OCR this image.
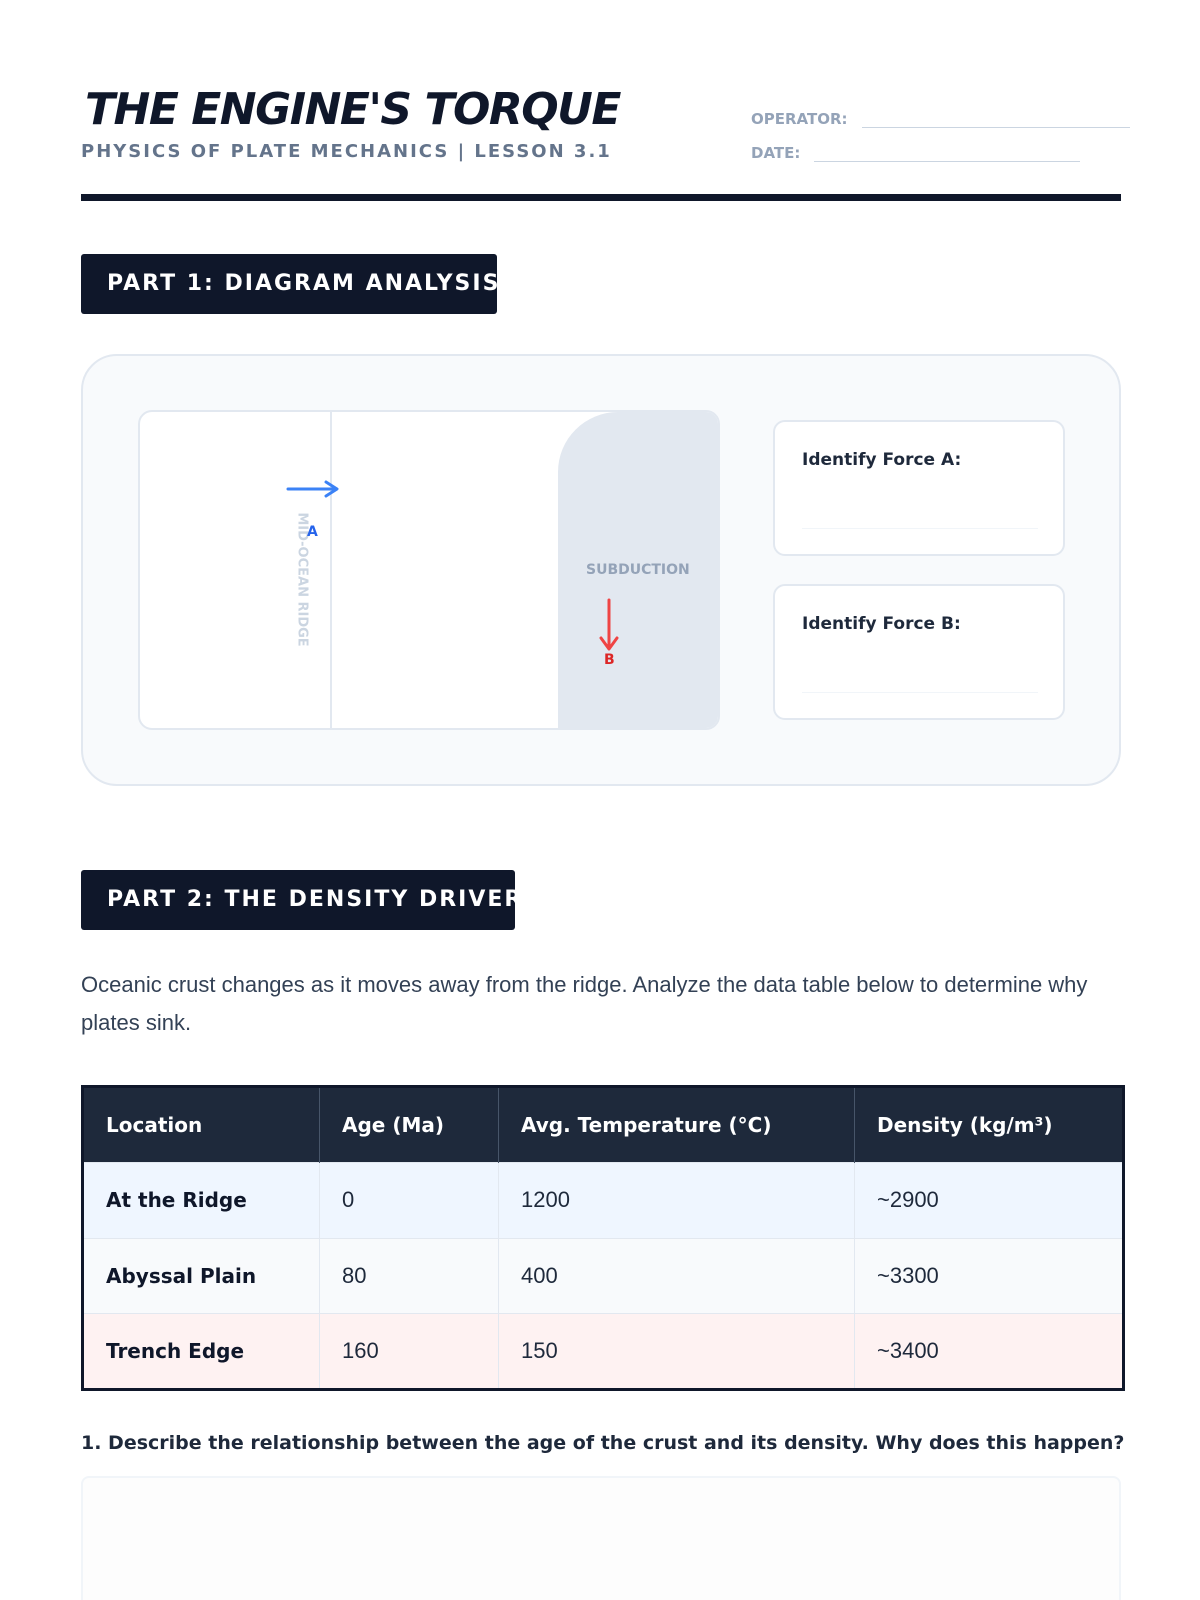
THE ENGINE'S TORQUE
PHYSICS OF PLATE MECHANICS | LESSON 3.1
OPERATOR:
DATE:
PART 1: DIAGRAM ANALYSIS
MID-OCEAN RIDGE	SUBDUCTION
A
B
Identify Force A:
Identify Force B:
PART 2: THE DENSITY DRIVER
Oceanic crust changes as it moves away from the ridge. Analyze the data table below to determine why plates sink.
Location	Age (Ma)	Avg. Temperature (°C)	Density (kg/m³)
At the Ridge	0	1200	~2900
Abyssal Plain	80	400	~3300
Trench Edge	160	150	~3400
1. Describe the relationship between the age of the crust and its density. Why does this happen?
